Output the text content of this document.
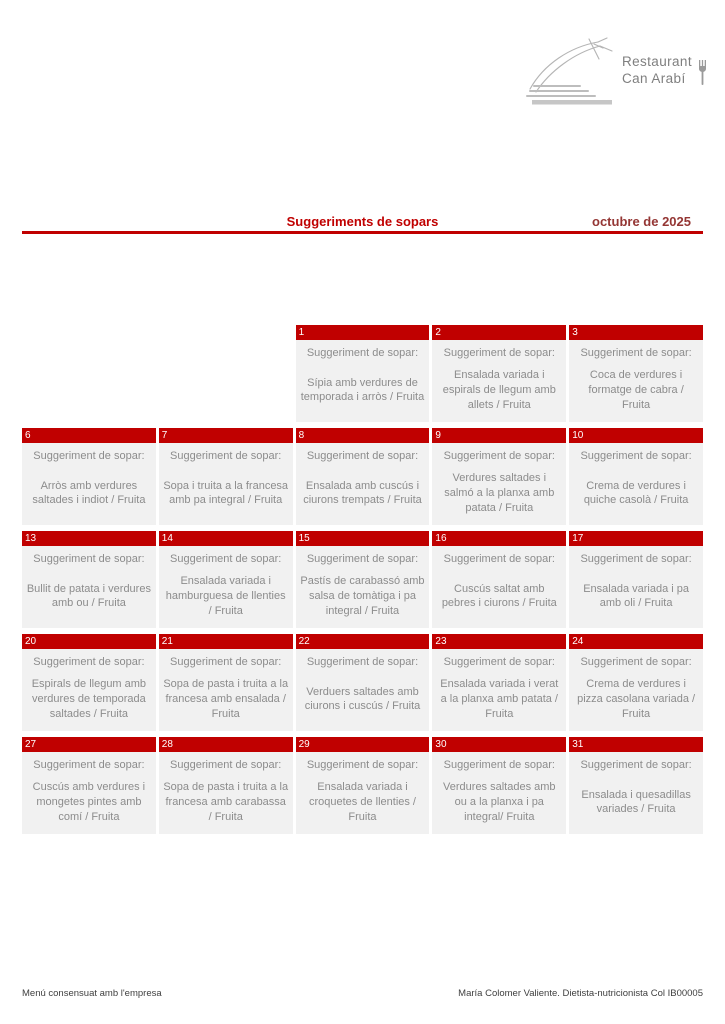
Restaurant
Can Arabí
Suggeriments de sopars	octubre de 2025
1
Suggeriment de sopar:
Sípia amb verdures de temporada i arròs / Fruita
2
Suggeriment de sopar:
Ensalada variada i espirals de llegum amb allets / Fruita
3
Suggeriment de sopar:
Coca de verdures i formatge de cabra / Fruita
6
Suggeriment de sopar:
Arròs amb verdures saltades i indiot / Fruita
7
Suggeriment de sopar:
Sopa i truita a la francesa amb pa integral / Fruita
8
Suggeriment de sopar:
Ensalada amb cuscús i ciurons trempats / Fruita
9
Suggeriment de sopar:
Verdures saltades i salmó a la planxa amb patata / Fruita
10
Suggeriment de sopar:
Crema de verdures i quiche casolà / Fruita
13
Suggeriment de sopar:
Bullit de patata i verdures amb ou / Fruita
14
Suggeriment de sopar:
Ensalada variada i hamburguesa de llenties / Fruita
15
Suggeriment de sopar:
Pastís de carabassó amb salsa de tomàtiga i pa integral / Fruita
16
Suggeriment de sopar:
Cuscús saltat amb pebres i ciurons / Fruita
17
Suggeriment de sopar:
Ensalada variada i pa amb oli / Fruita
20
Suggeriment de sopar:
Espirals de llegum amb verdures de temporada saltades / Fruita
21
Suggeriment de sopar:
Sopa de pasta i truita a la francesa amb ensalada / Fruita
22
Suggeriment de sopar:
Verduers saltades amb ciurons i cuscús / Fruita
23
Suggeriment de sopar:
Ensalada variada i verat a la planxa amb patata / Fruita
24
Suggeriment de sopar:
Crema de verdures i pizza casolana variada / Fruita
27
Suggeriment de sopar:
Cuscús amb verdures i mongetes pintes amb comí / Fruita
28
Suggeriment de sopar:
Sopa de pasta i truita a la francesa amb carabassa / Fruita
29
Suggeriment de sopar:
Ensalada variada i croquetes de llenties / Fruita
30
Suggeriment de sopar:
Verdures saltades amb ou a la planxa i pa integral/ Fruita
31
Suggeriment de sopar:
Ensalada i quesadillas variades / Fruita
Menú consensuat amb l'empresa	María Colomer Valiente. Dietista-nutricionista Col IB00005
